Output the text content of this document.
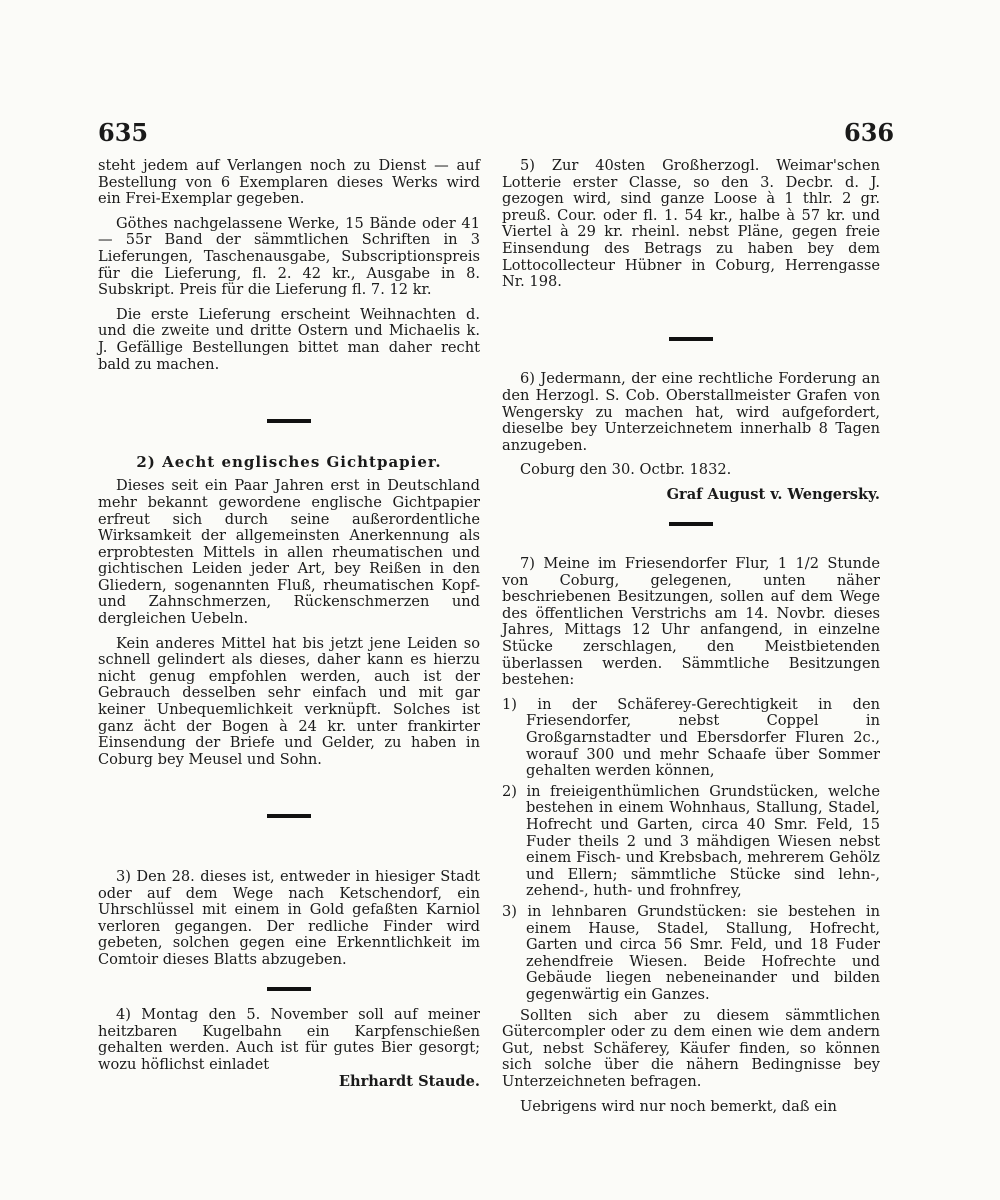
635	636

steht jedem auf Verlangen noch zu Dienst — auf Bestellung von 6 Exemplaren dieses Werks wird ein Frei-Exemplar gegeben.

Göthes nachgelassene Werke, 15 Bände oder 41 — 55r Band der sämmtlichen Schriften in 3 Lieferungen, Taschenausgabe, Subscriptionspreis für die Lieferung, fl. 2. 42 kr., Ausgabe in 8. Subskript. Preis für die Lieferung fl. 7. 12 kr.

Die erste Lieferung erscheint Weihnachten d. und die zweite und dritte Ostern und Michaelis k. J. Gefällige Bestellungen bittet man daher recht bald zu machen.

2) Aecht englisches Gichtpapier.

Dieses seit ein Paar Jahren erst in Deutschland mehr bekannt gewordene englische Gichtpapier erfreut sich durch seine außerordentliche Wirksamkeit der allgemeinsten Anerkennung als erprobtesten Mittels in allen rheumatischen und gichtischen Leiden jeder Art, bey Reißen in den Gliedern, sogenannten Fluß, rheumatischen Kopf- und Zahnschmerzen, Rückenschmerzen und dergleichen Uebeln.

Kein anderes Mittel hat bis jetzt jene Leiden so schnell gelindert als dieses, daher kann es hierzu nicht genug empfohlen werden, auch ist der Gebrauch desselben sehr einfach und mit gar keiner Unbequemlichkeit verknüpft. Solches ist ganz ächt der Bogen à 24 kr. unter frankirter Einsendung der Briefe und Gelder, zu haben in Coburg bey Meusel und Sohn.

3) Den 28. dieses ist, entweder in hiesiger Stadt oder auf dem Wege nach Ketschendorf, ein Uhrschlüssel mit einem in Gold gefaßten Karniol verloren gegangen. Der redliche Finder wird gebeten, solchen gegen eine Erkenntlichkeit im Comtoir dieses Blatts abzugeben.

4) Montag den 5. November soll auf meiner heitzbaren Kugelbahn ein Karpfenschießen gehalten werden. Auch ist für gutes Bier gesorgt; wozu höflichst einladet

Ehrhardt Staude.

5) Zur 40sten Großherzogl. Weimar'schen Lotterie erster Classe, so den 3. Decbr. d. J. gezogen wird, sind ganze Loose à 1 thlr. 2 gr. preuß. Cour. oder fl. 1. 54 kr., halbe à 57 kr. und Viertel à 29 kr. rheinl. nebst Pläne, gegen freie Einsendung des Betrags zu haben bey dem Lottocollecteur Hübner in Coburg, Herrengasse Nr. 198.

6) Jedermann, der eine rechtliche Forderung an den Herzogl. S. Cob. Oberstallmeister Grafen von Wengersky zu machen hat, wird aufgefordert, dieselbe bey Unterzeichnetem innerhalb 8 Tagen anzugeben.

Coburg den 30. Octbr. 1832.

Graf August v. Wengersky.

7) Meine im Friesendorfer Flur, 1 1/2 Stunde von Coburg, gelegenen, unten näher beschriebenen Besitzungen, sollen auf dem Wege des öffentlichen Verstrichs am 14. Novbr. dieses Jahres, Mittags 12 Uhr anfangend, in einzelne Stücke zerschlagen, den Meistbietenden überlassen werden. Sämmtliche Besitzungen bestehen:

1) in der Schäferey-Gerechtigkeit in den Friesendorfer, nebst Coppel in Großgarnstadter und Ebersdorfer Fluren 2c., worauf 300 und mehr Schaafe über Sommer gehalten werden können,

2) in freieigenthümlichen Grundstücken, welche bestehen in einem Wohnhaus, Stallung, Stadel, Hofrecht und Garten, circa 40 Smr. Feld, 15 Fuder theils 2 und 3 mähdigen Wiesen nebst einem Fisch- und Krebsbach, mehrerem Gehölz und Ellern; sämmtliche Stücke sind lehn-, zehend-, huth- und frohnfrey,

3) in lehnbaren Grundstücken: sie bestehen in einem Hause, Stadel, Stallung, Hofrecht, Garten und circa 56 Smr. Feld, und 18 Fuder zehendfreie Wiesen. Beide Hofrechte und Gebäude liegen nebeneinander und bilden gegenwärtig ein Ganzes.

Sollten sich aber zu diesem sämmtlichen Gütercompler oder zu dem einen wie dem andern Gut, nebst Schäferey, Käufer finden, so können sich solche über die nähern Bedingnisse bey Unterzeichneten befragen.

Uebrigens wird nur noch bemerkt, daß ein
